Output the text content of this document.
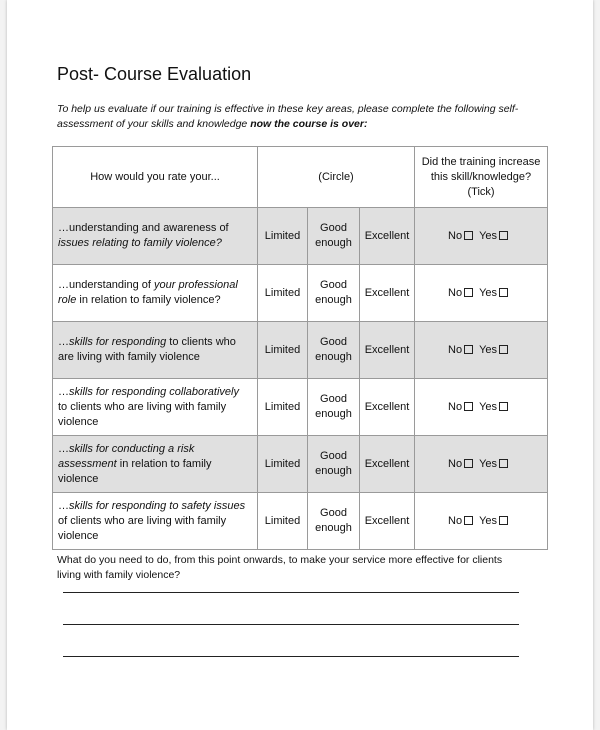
Post- Course Evaluation
To help us evaluate if our training is effective in these key areas, please complete the following self-assessment of your skills and knowledge now the course is over:
How would you rate your...	(Circle)			Did the training increase
this skill/knowledge?
(Tick)

…understanding and awareness of issues relating to family violence?	Limited	Good
enough	Excellent	No Yes
…understanding of your professional role in relation to family violence?	Limited	Good
enough	Excellent	No Yes
…skills for responding to clients who are living with family violence	Limited	Good
enough	Excellent	No Yes
…skills for responding collaboratively to clients who are living with family violence	Limited	Good
enough	Excellent	No Yes
…skills for conducting a risk assessment in relation to family violence	Limited	Good
enough	Excellent	No Yes
…skills for responding to safety issues of clients who are living with family violence	Limited	Good
enough	Excellent	No Yes
What do you need to do, from this point onwards, to make your service more effective for clients living with family violence?
